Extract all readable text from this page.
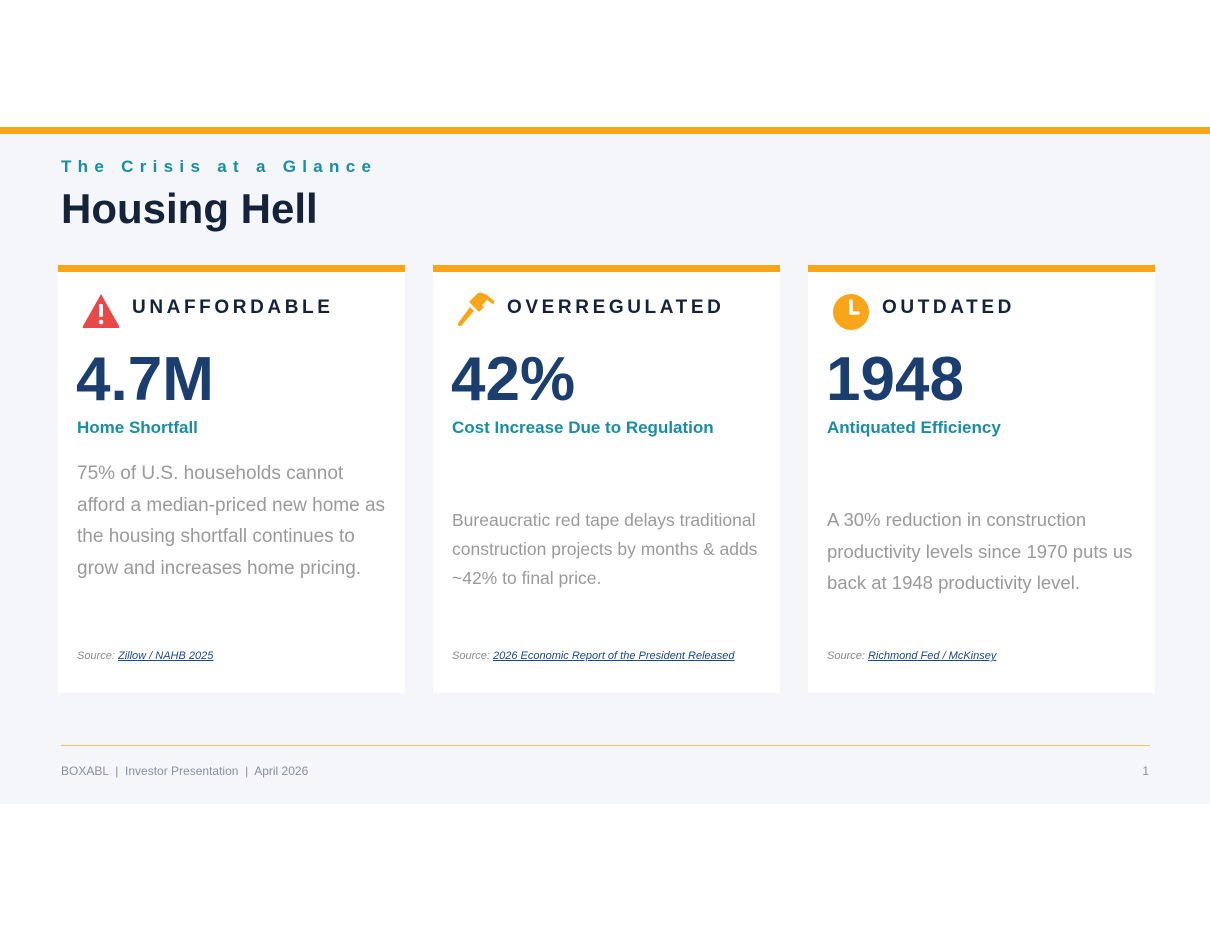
The Crisis at a Glance
Housing Hell
UNAFFORDABLE
4.7M
Home Shortfall
75% of U.S. households cannot afford a median-priced new home as the housing shortfall continues to grow and increases home pricing.
Source: Zillow / NAHB 2025
OVERREGULATED
42%
Cost Increase Due to Regulation
Bureaucratic red tape delays traditional construction projects by months & adds ~42% to final price.
Source: 2026 Economic Report of the President Released
OUTDATED
1948
Antiquated Efficiency
A 30% reduction in construction productivity levels since 1970 puts us back at 1948 productivity level.
Source: Richmond Fed / McKinsey
BOXABL  |  Investor Presentation  |  April 2026	1
